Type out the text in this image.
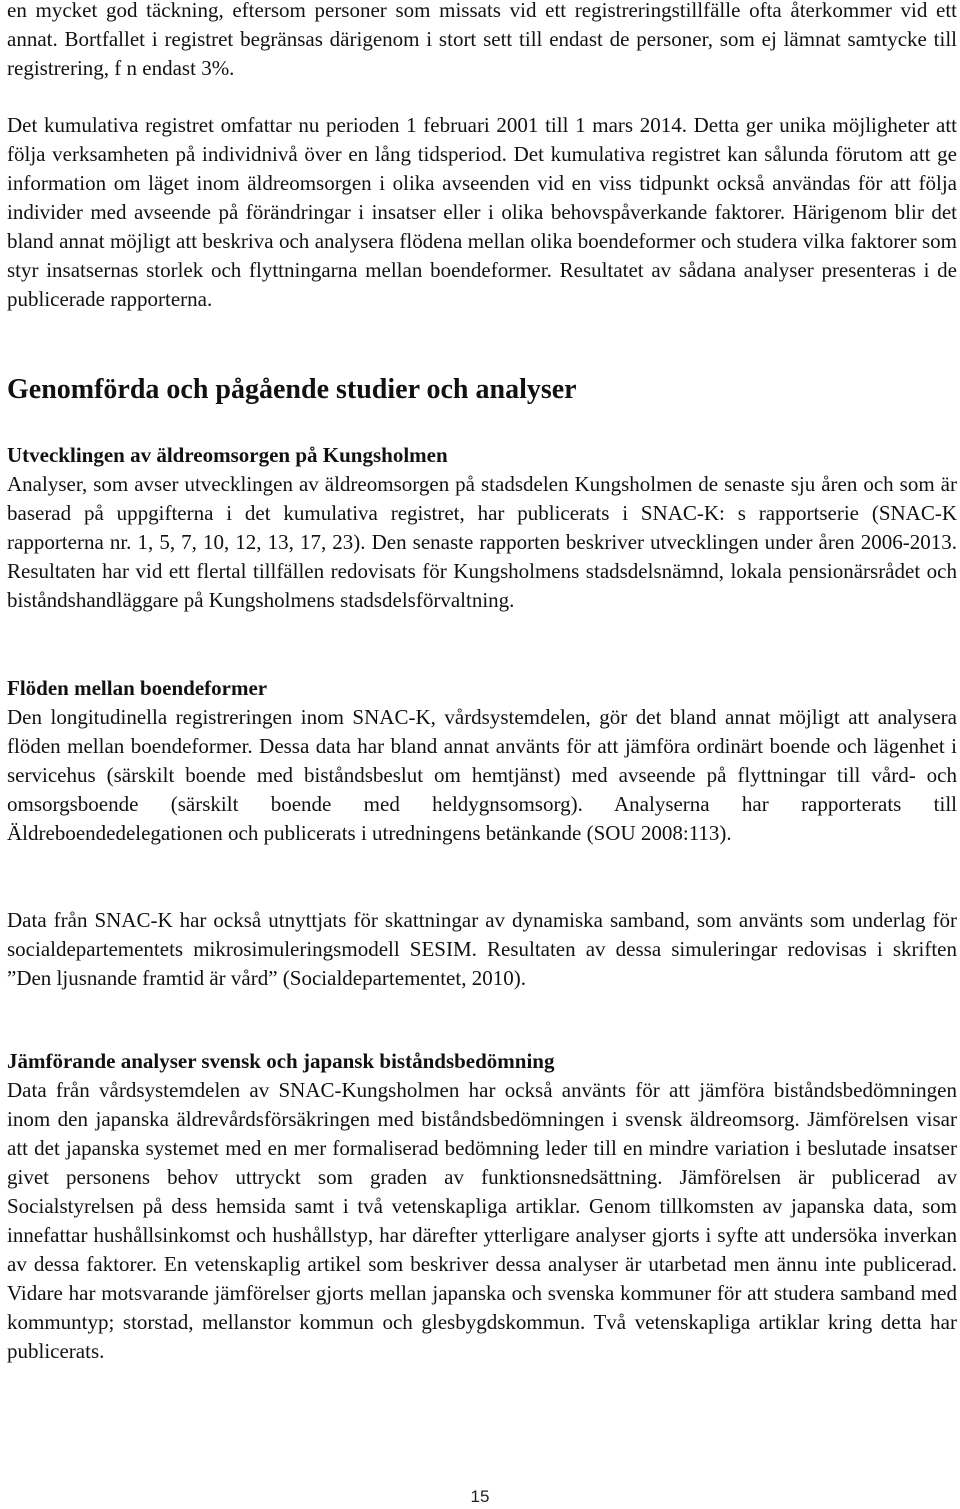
en mycket god täckning, eftersom personer som missats vid ett registreringstillfälle ofta återkommer vid ett annat. Bortfallet i registret begränsas därigenom i stort sett till endast de personer, som ej lämnat samtycke till registrering, f n endast 3%.

Det kumulativa registret omfattar nu perioden 1 februari 2001 till 1 mars 2014. Detta ger unika möjligheter att följa verksamheten på individnivå över en lång tidsperiod. Det kumulativa registret kan sålunda förutom att ge information om läget inom äldreomsorgen i olika avseenden vid en viss tidpunkt också användas för att följa individer med avseende på förändringar i insatser eller i olika behovspåverkande faktorer. Härigenom blir det bland annat möjligt att beskriva och analysera flödena mellan olika boendeformer och studera vilka faktorer som styr insatsernas storlek och flyttningarna mellan boendeformer. Resultatet av sådana analyser presenteras i de publicerade rapporterna.

Genomförda och pågående studier och analyser
Utvecklingen av äldreomsorgen på Kungsholmen

Analyser, som avser utvecklingen av äldreomsorgen på stadsdelen Kungsholmen de senaste sju åren och som är baserad på uppgifterna i det kumulativa registret, har publicerats i SNAC-K: s rapportserie (SNAC-K rapporterna nr. 1, 5, 7, 10, 12, 13, 17, 23). Den senaste rapporten beskriver utvecklingen under åren 2006-2013. Resultaten har vid ett flertal tillfällen redovisats för Kungsholmens stadsdelsnämnd, lokala pensionärsrådet och biståndshandläggare på Kungsholmens stadsdelsförvaltning.

Flöden mellan boendeformer

Den longitudinella registreringen inom SNAC-K, vårdsystemdelen, gör det bland annat möjligt att analysera flöden mellan boendeformer. Dessa data har bland annat använts för att jämföra ordinärt boende och lägenhet i servicehus (särskilt boende med biståndsbeslut om hemtjänst) med avseende på flyttningar till vård- och omsorgsboende (särskilt boende med heldygnsomsorg). Analyserna har rapporterats till Äldreboendedelegationen och publicerats i utredningens betänkande (SOU 2008:113).

Data från SNAC-K har också utnyttjats för skattningar av dynamiska samband, som använts som underlag för socialdepartementets mikrosimuleringsmodell SESIM. Resultaten av dessa simuleringar redovisas i skriften ”Den ljusnande framtid är vård” (Socialdepartementet, 2010).

Jämförande analyser svensk och japansk biståndsbedömning

Data från vårdsystemdelen av SNAC-Kungsholmen har också använts för att jämföra biståndsbedömningen inom den japanska äldrevårdsförsäkringen med biståndsbedömningen i svensk äldreomsorg. Jämförelsen visar att det japanska systemet med en mer formaliserad bedömning leder till en mindre variation i beslutade insatser givet personens behov uttryckt som graden av funktionsnedsättning. Jämförelsen är publicerad av Socialstyrelsen på dess hemsida samt i två vetenskapliga artiklar. Genom tillkomsten av japanska data, som innefattar hushållsinkomst och hushållstyp, har därefter ytterligare analyser gjorts i syfte att undersöka inverkan av dessa faktorer. En vetenskaplig artikel som beskriver dessa analyser är utarbetad men ännu inte publicerad. Vidare har motsvarande jämförelser gjorts mellan japanska och svenska kommuner för att studera samband med kommuntyp; storstad, mellanstor kommun och glesbygdskommun. Två vetenskapliga artiklar kring detta har publicerats.

15
